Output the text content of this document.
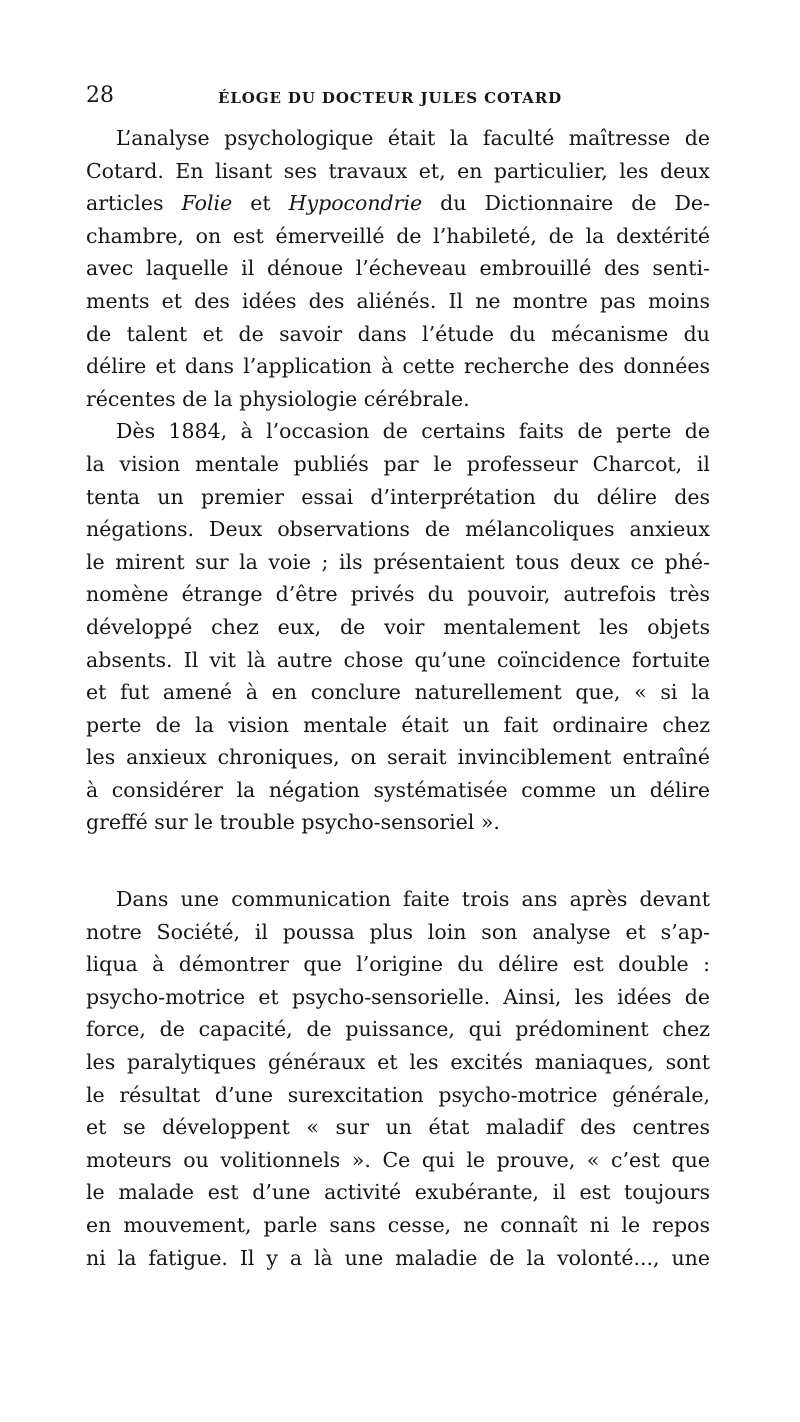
28	ÉLOGE DU DOCTEUR JULES COTARD
L’analyse psychologique était la faculté maîtresse de
Cotard. En lisant ses travaux et, en particulier, les deux
articles Folie et Hypocondrie du Dictionnaire de De-
chambre, on est émerveillé de l’habileté, de la dextérité
avec laquelle il dénoue l’écheveau embrouillé des senti-
ments et des idées des aliénés. Il ne montre pas moins
de talent et de savoir dans l’étude du mécanisme du
délire et dans l’application à cette recherche des données
récentes de la physiologie cérébrale.
Dès 1884, à l’occasion de certains faits de perte de
la vision mentale publiés par le professeur Charcot, il
tenta un premier essai d’interprétation du délire des
négations. Deux observations de mélancoliques anxieux
le mirent sur la voie ; ils présentaient tous deux ce phé-
nomène étrange d’être privés du pouvoir, autrefois très
développé chez eux, de voir mentalement les objets
absents. Il vit là autre chose qu’une coïncidence fortuite
et fut amené à en conclure naturellement que, « si la
perte de la vision mentale était un fait ordinaire chez
les anxieux chroniques, on serait invinciblement entraîné
à considérer la négation systématisée comme un délire
greffé sur le trouble psycho-sensoriel ».
Dans une communication faite trois ans après devant
notre Société, il poussa plus loin son analyse et s’ap-
liqua à démontrer que l’origine du délire est double :
psycho-motrice et psycho-sensorielle. Ainsi, les idées de
force, de capacité, de puissance, qui prédominent chez
les paralytiques généraux et les excités maniaques, sont
le résultat d’une surexcitation psycho-motrice générale,
et se développent « sur un état maladif des centres
moteurs ou volitionnels ». Ce qui le prouve, « c’est que
le malade est d’une activité exubérante, il est toujours
en mouvement, parle sans cesse, ne connaît ni le repos
ni la fatigue. Il y a là une maladie de la volonté..., une
